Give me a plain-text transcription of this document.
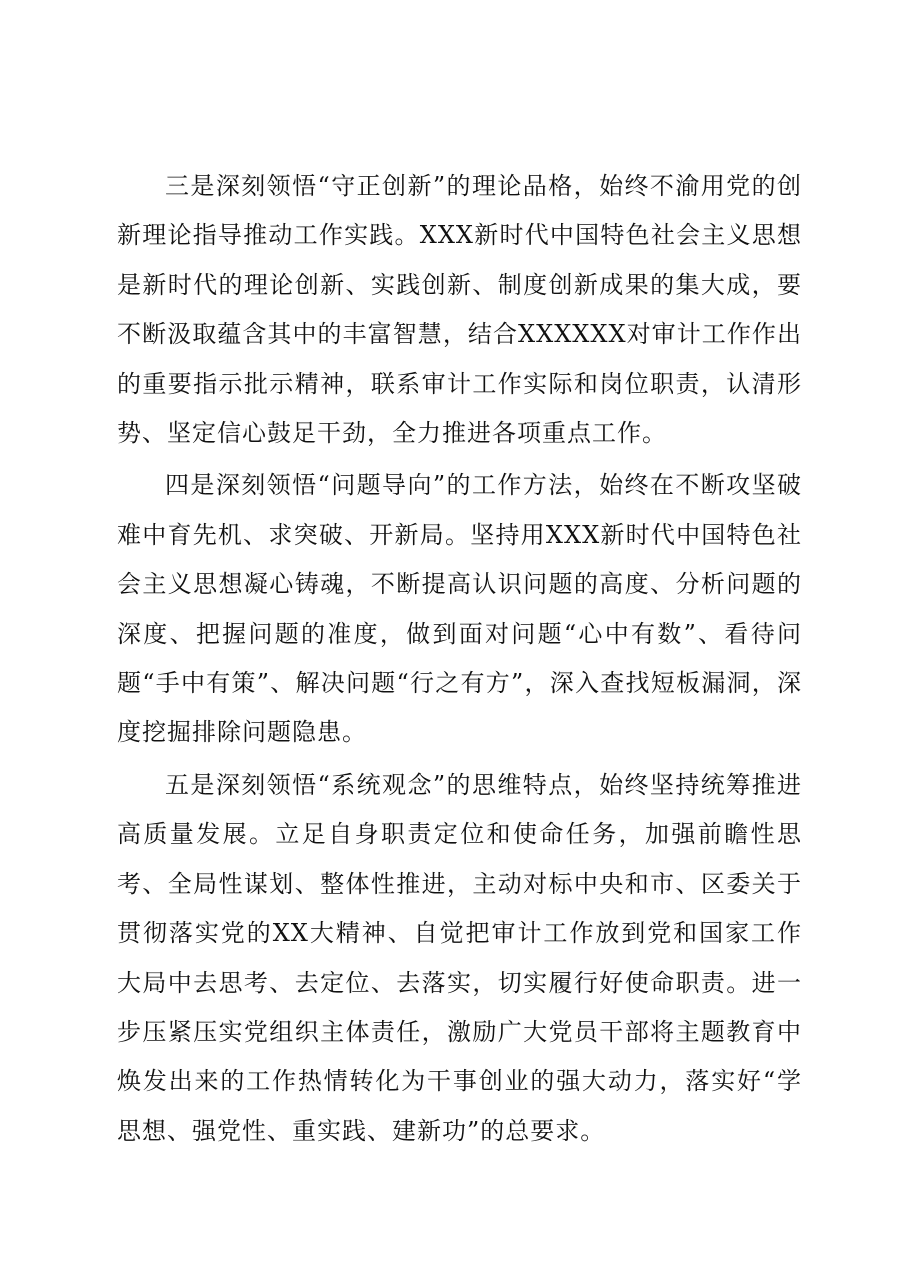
三是深刻领悟“守正创新”的理论品格，始终不渝用党的创新理论指导推动工作实践。XXX新时代中国特色社会主义思想是新时代的理论创新、实践创新、制度创新成果的集大成，要不断汲取蕴含其中的丰富智慧，结合XXXXXX对审计工作作出的重要指示批示精神，联系审计工作实际和岗位职责，认清形势、坚定信心鼓足干劲，全力推进各项重点工作。

四是深刻领悟“问题导向”的工作方法，始终在不断攻坚破难中育先机、求突破、开新局。坚持用XXX新时代中国特色社会主义思想凝心铸魂，不断提高认识问题的高度、分析问题的深度、把握问题的准度，做到面对问题“心中有数”、看待问题“手中有策”、解决问题“行之有方”，深入查找短板漏洞，深度挖掘排除问题隐患。

五是深刻领悟“系统观念”的思维特点，始终坚持统筹推进高质量发展。立足自身职责定位和使命任务，加强前瞻性思考、全局性谋划、整体性推进，主动对标中央和市、区委关于贯彻落实党的XX大精神、自觉把审计工作放到党和国家工作大局中去思考、去定位、去落实，切实履行好使命职责。进一步压紧压实党组织主体责任，激励广大党员干部将主题教育中焕发出来的工作热情转化为干事创业的强大动力，落实好“学思想、强党性、重实践、建新功”的总要求。
